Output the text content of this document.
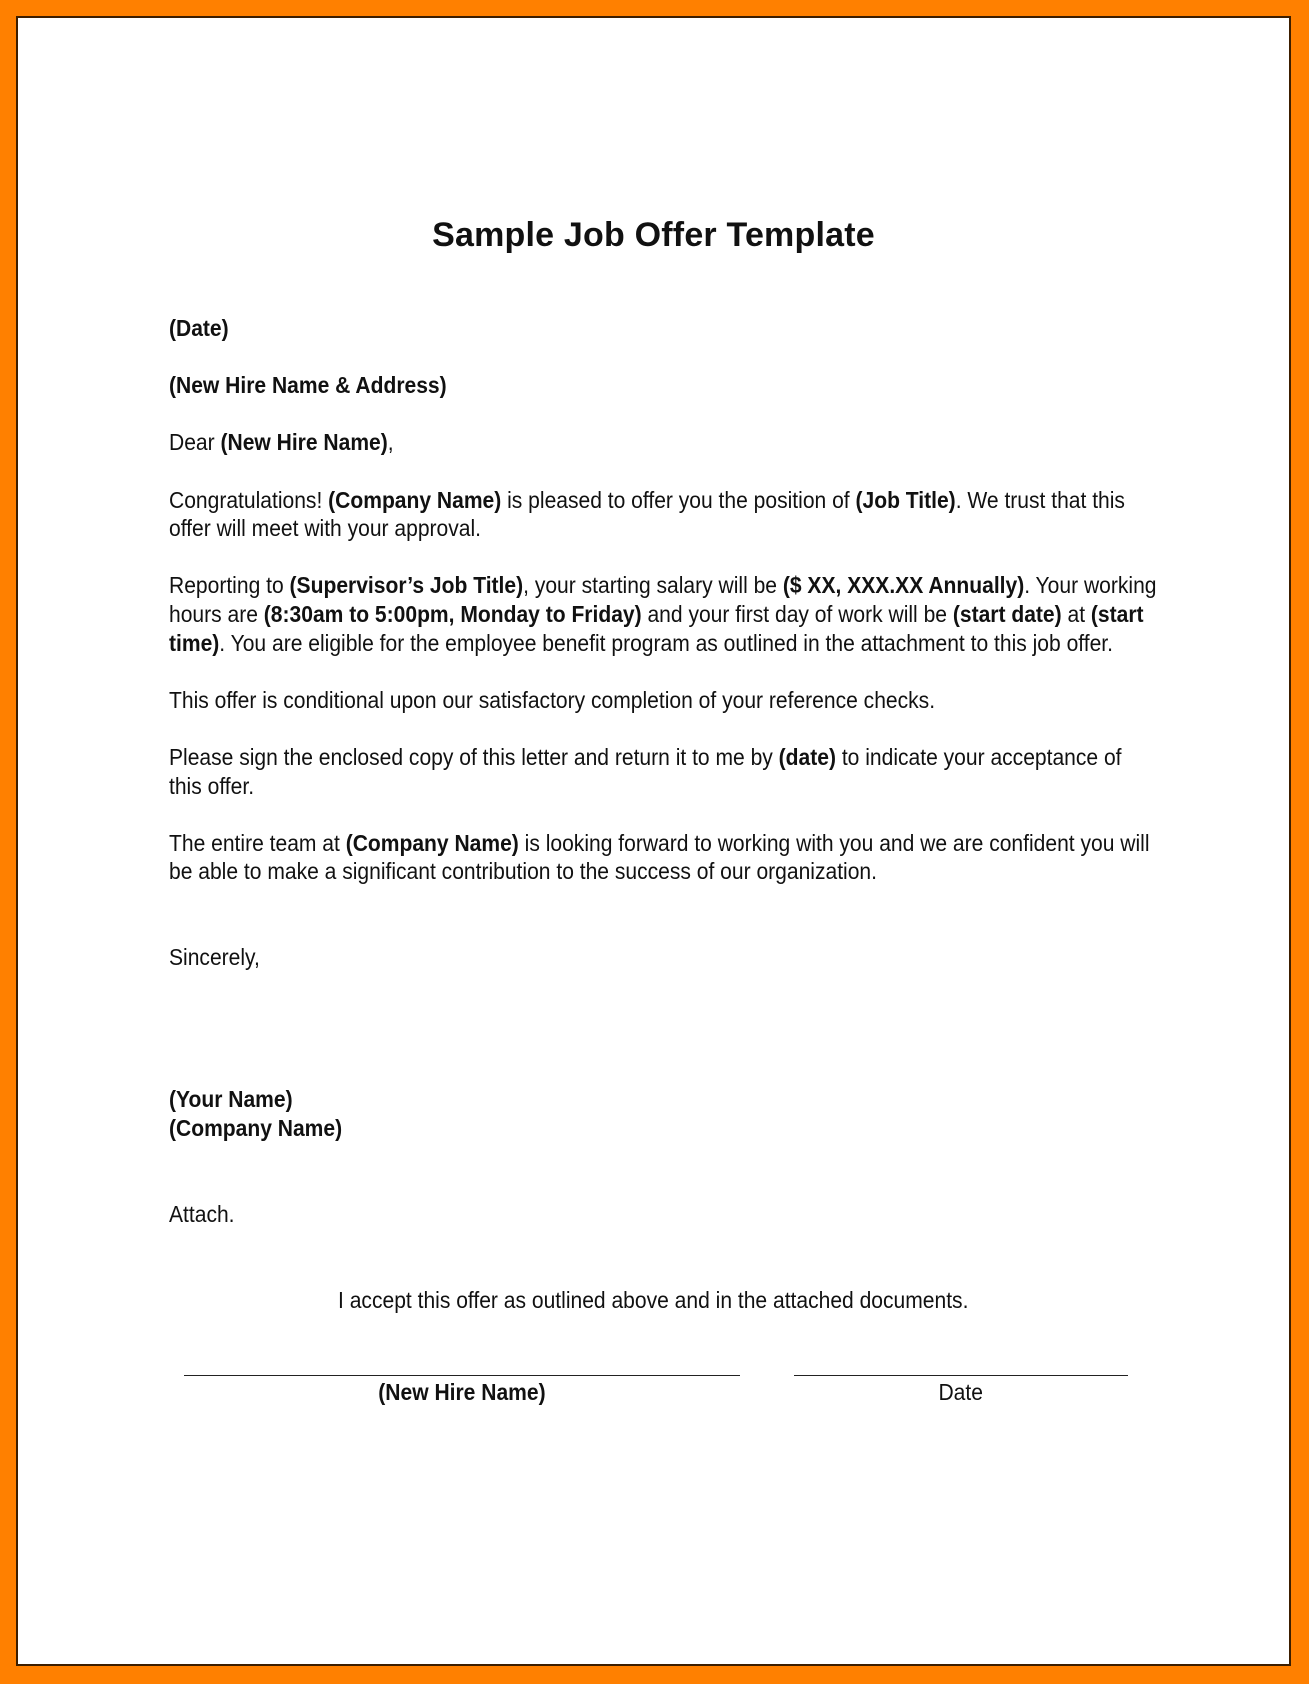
Sample Job Offer Template

(Date)

(New Hire Name & Address)

Dear (New Hire Name),

Congratulations! (Company Name) is pleased to offer you the position of (Job Title). We trust that this offer will meet with your approval.

Reporting to (Supervisor’s Job Title), your starting salary will be ($ XX, XXX.XX Annually). Your working hours are (8:30am to 5:00pm, Monday to Friday) and your first day of work will be (start date) at (start time). You are eligible for the employee benefit program as outlined in the attachment to this job offer.

This offer is conditional upon our satisfactory completion of your reference checks.

Please sign the enclosed copy of this letter and return it to me by (date) to indicate your acceptance of this offer.

The entire team at (Company Name) is looking forward to working with you and we are confident you will be able to make a significant contribution to the success of our organization.

Sincerely,

(Your Name)

(Company Name)

Attach.

I accept this offer as outlined above and in the attached documents.
(New Hire Name)	Date
